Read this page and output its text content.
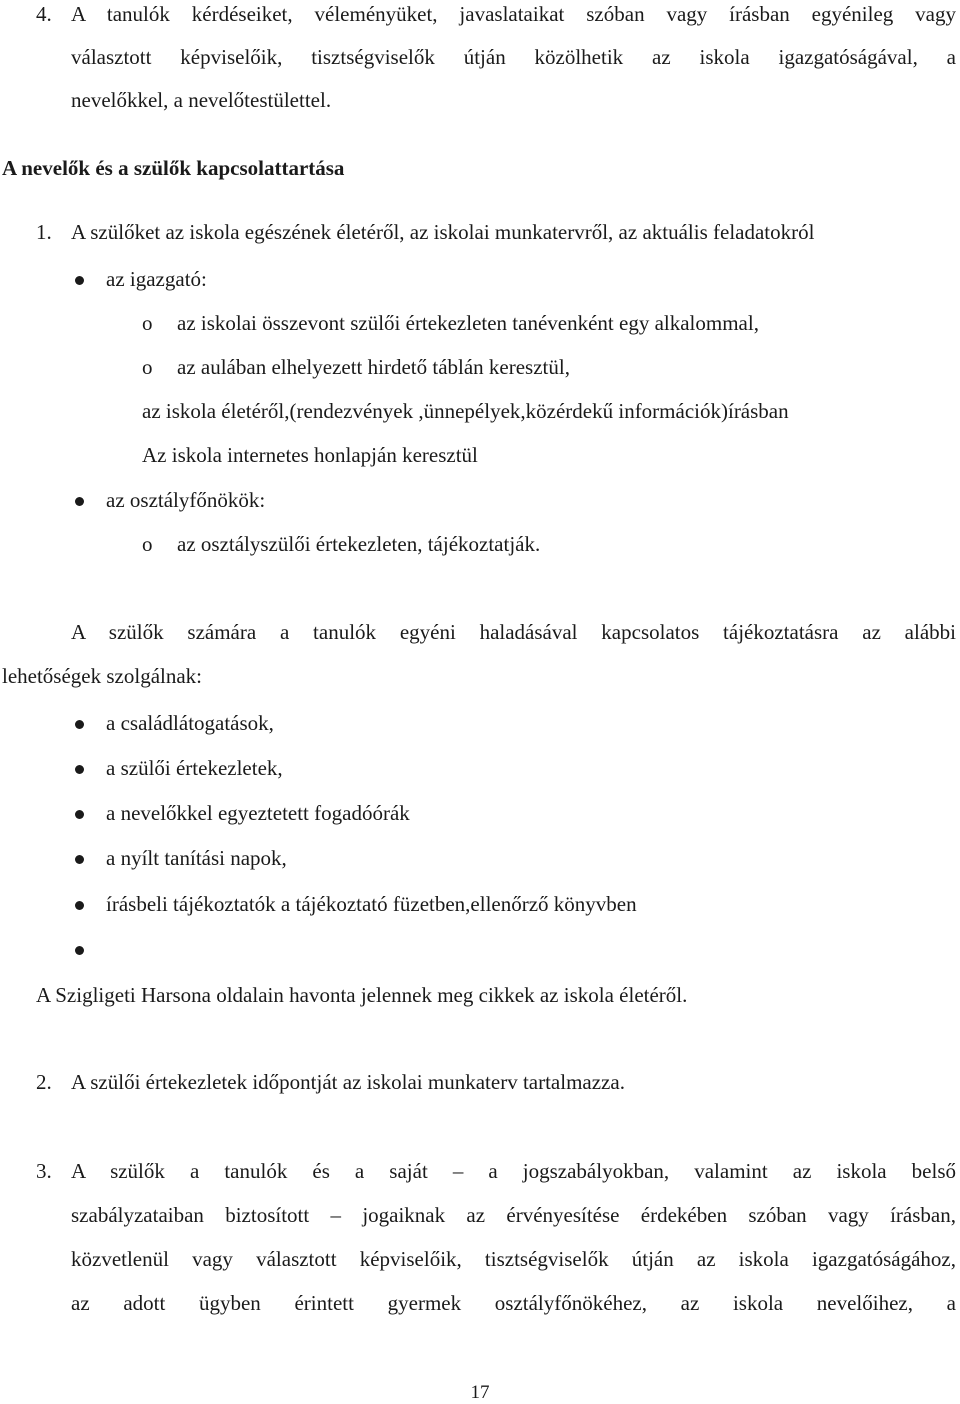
4. A tanulók kérdéseiket, véleményüket, javaslataikat szóban vagy írásban egyénileg vagy
választott képviselőik, tisztségviselők útján közölhetik az iskola igazgatóságával, a
nevelőkkel, a nevelőtestülettel.
A nevelők és a szülők kapcsolattartása
1. A szülőket az iskola egészének életéről, az iskolai munkatervről, az aktuális feladatokról
az igazgató:
o az iskolai összevont szülői értekezleten tanévenként egy alkalommal,
o az aulában elhelyezett hirdető táblán keresztül,
az iskola életéről,(rendezvények ,ünnepélyek,közérdekű információk)írásban
Az iskola internetes honlapján keresztül
az osztályfőnökök:
o az osztályszülői értekezleten, tájékoztatják.
A szülők számára a tanulók egyéni haladásával kapcsolatos tájékoztatásra az alábbi
lehetőségek szolgálnak:
a családlátogatások,
a szülői értekezletek,
a nevelőkkel egyeztetett fogadóórák
a nyílt tanítási napok,
írásbeli tájékoztatók a tájékoztató füzetben,ellenőrző könyvben
A Szigligeti Harsona oldalain havonta jelennek meg cikkek az iskola életéről.
2. A szülői értekezletek időpontját az iskolai munkaterv tartalmazza.
3. A szülők a tanulók és a saját – a jogszabályokban, valamint az iskola belső
szabályzataiban biztosított – jogaiknak az érvényesítése érdekében szóban vagy írásban,
közvetlenül vagy választott képviselőik, tisztségviselők útján az iskola igazgatóságához,
az adott ügyben érintett gyermek osztályfőnökéhez, az iskola nevelőihez, a
17
